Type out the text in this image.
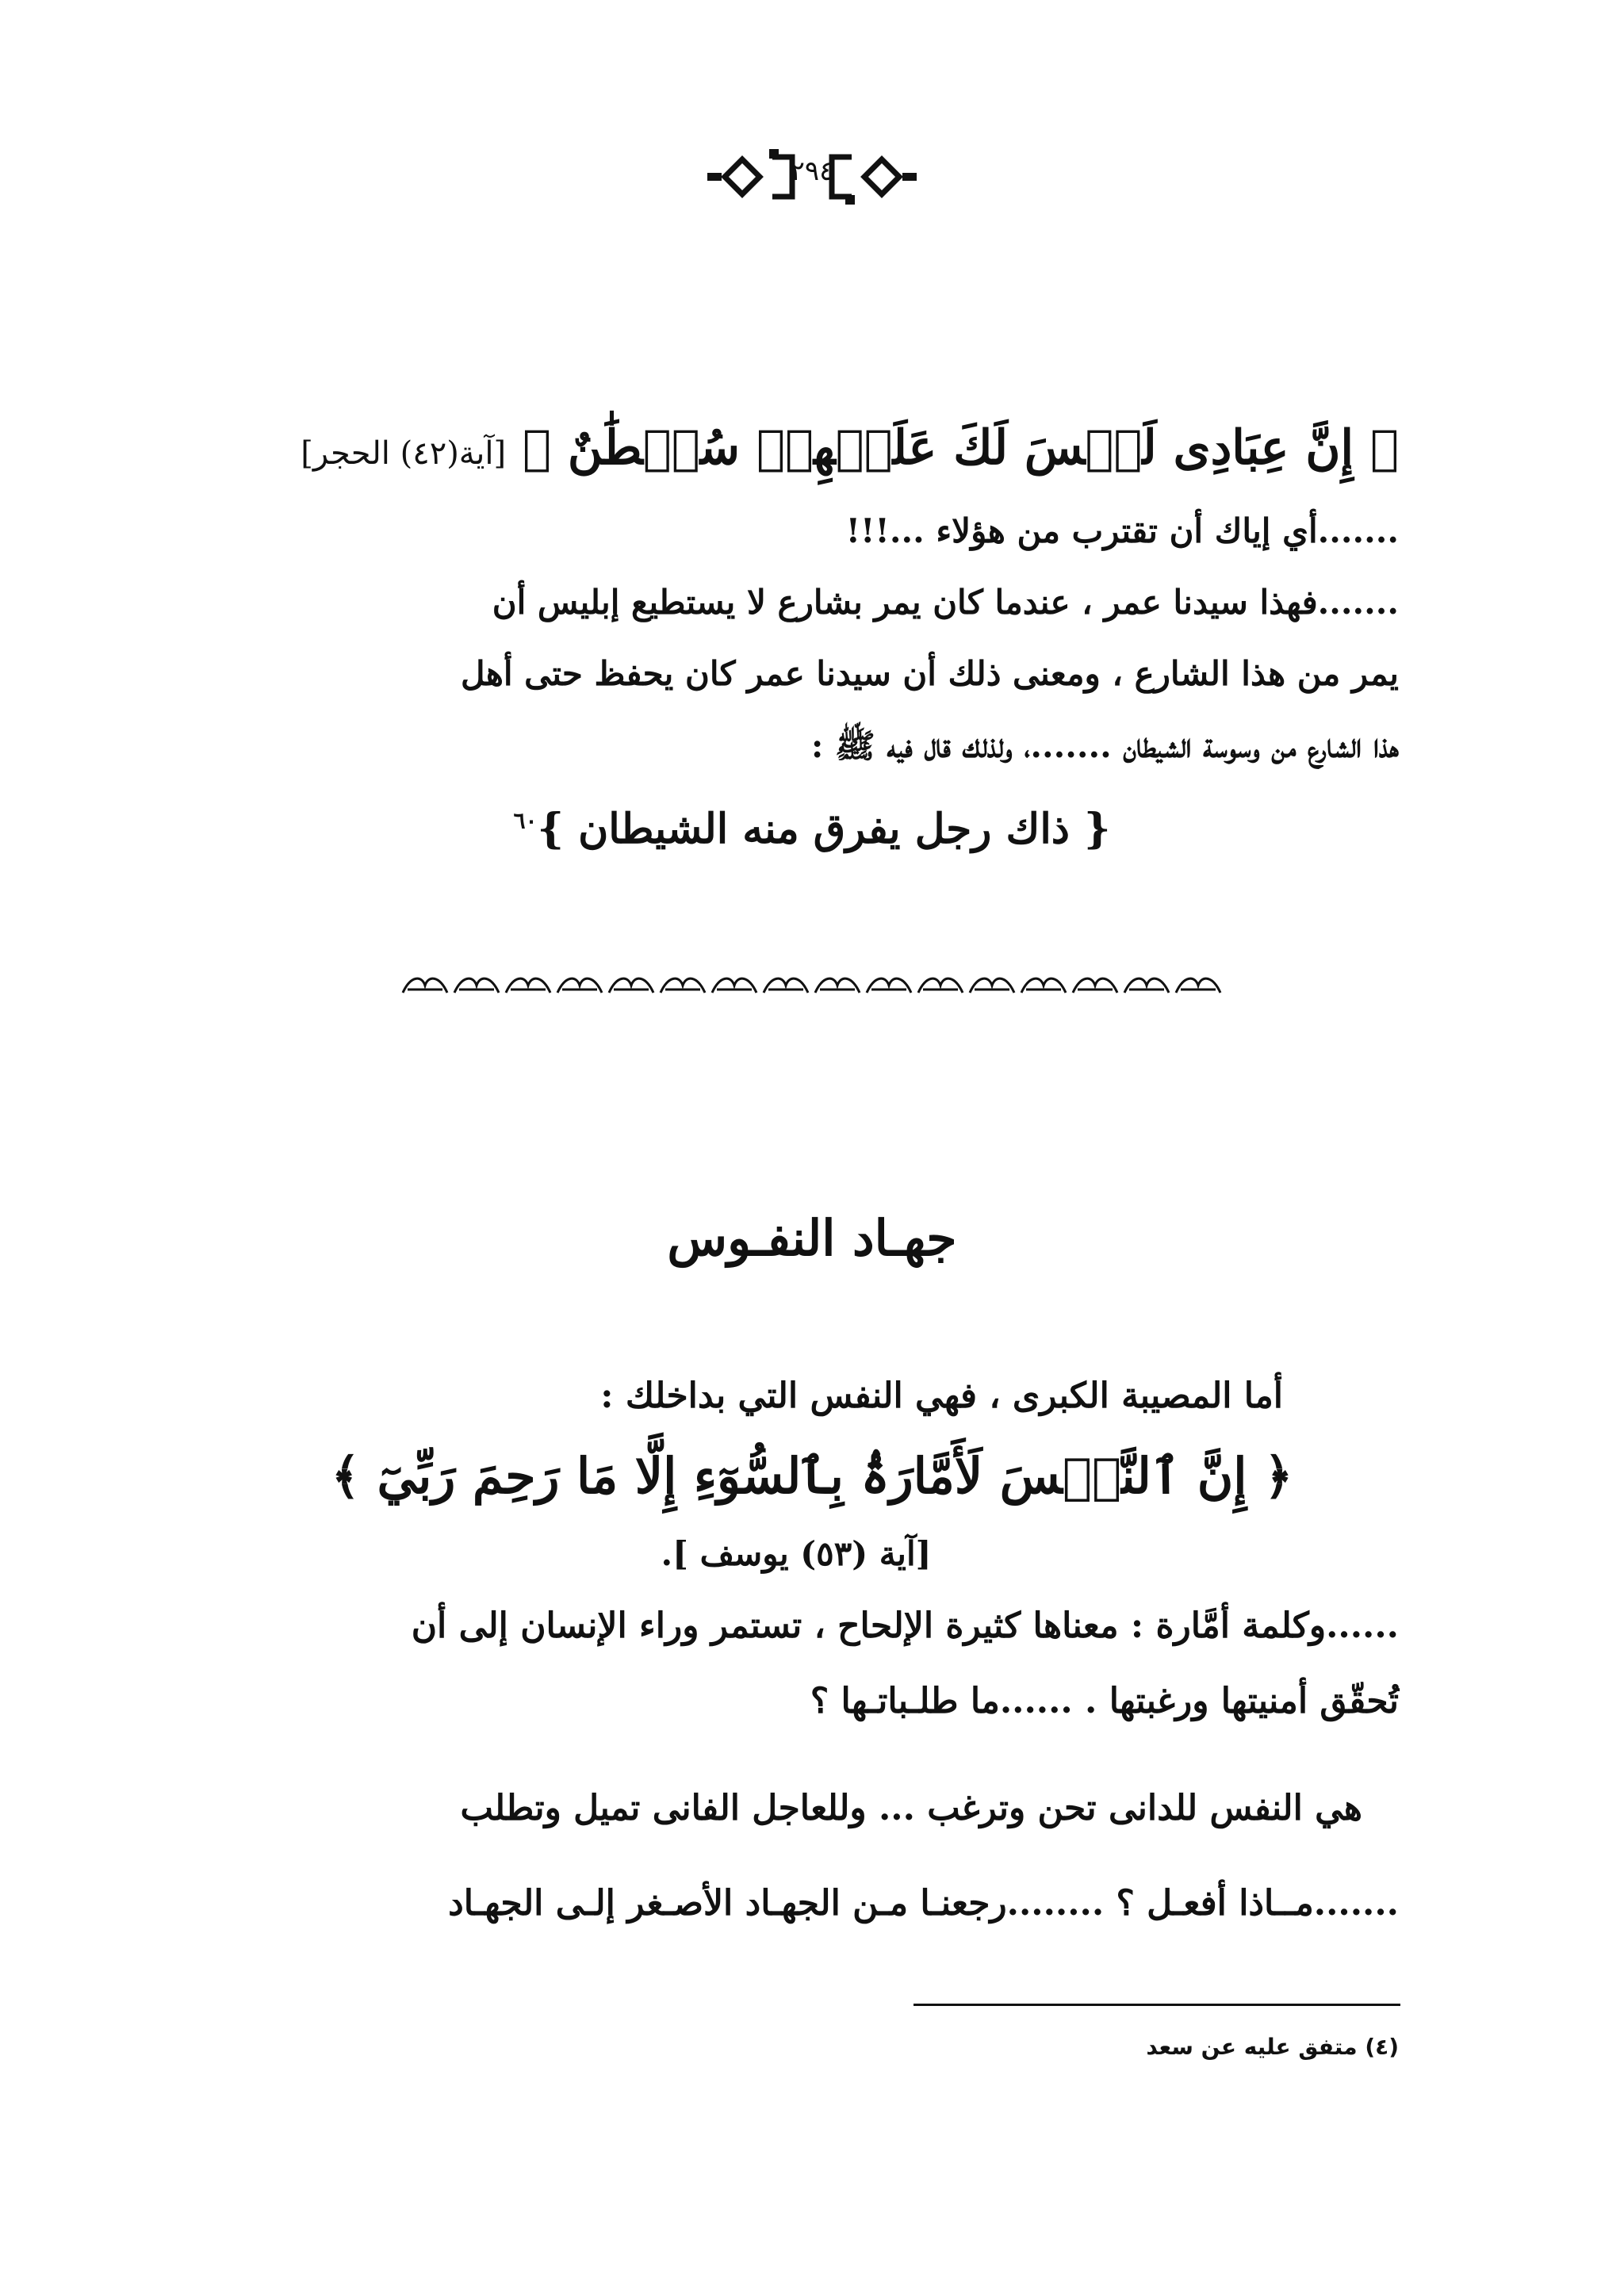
٢٩٤
﴿ إِنَّ عِبَادِى لَيۡسَ لَكَ عَلَيۡهِمۡ سُلۡطَٰنٌ ﴾ [آية(٤٢) الحجر]
.......أي إياك أن تقترب من هؤلاء ...!!!
.......فهذا سيدنا عمر ، عندما كان يمر بشارع لا يستطيع إبليس أن
يمر من هذا الشارع ، ومعنى ذلك أن سيدنا عمر كان يحفظ حتى أهل
هذا الشارع من وسوسة الشيطان .......، ولذلك قال فيه ﷺ :
{ ذاك رجل يفرق منه الشيطان }$^{٦٠}$
جهـاد النفـوس
أما المصيبة الكبرى ، فهي النفس التي بداخلك :
﴿ إِنَّ ٱلنَّفۡسَ لَأَمَّارَةُۢ بِٱلسُّوٓءِ إِلَّا مَا رَحِمَ رَبِّيٓ ﴾
[آية (٥٣) يوسف ].
......وكلمة أمَّارة : معناها كثيرة الإلحاح ، تستمر وراء الإنسان إلى أن
تُحقّق أمنيتها ورغبتها . ......ما طلـباتـها ؟
هي النفس للدانى تحن وترغب ... وللعاجل الفانى تميل وتطلب
.......مــاذا أفعـل ؟ ........رجعنـا مـن الجهـاد الأصـغر إلـى الجهـاد
(٤) متفق عليه عن سعد
